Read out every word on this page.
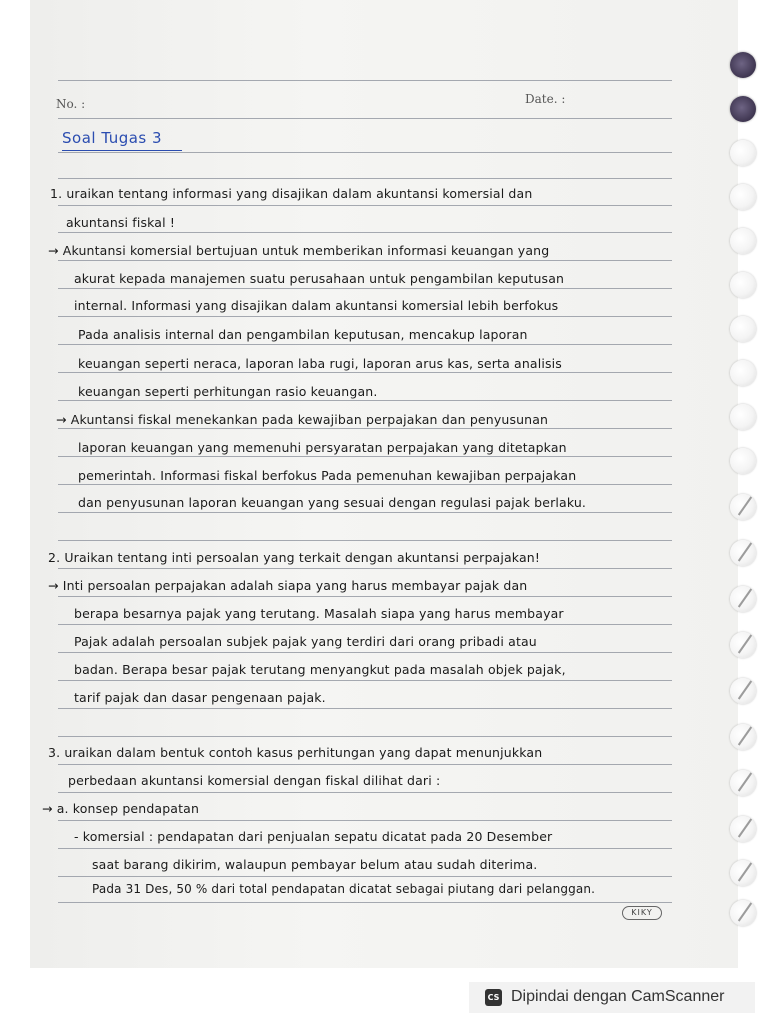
No. :	Date. :
Soal Tugas 3
1. uraikan tentang informasi yang disajikan dalam akuntansi komersial dan
akuntansi fiskal !
→ Akuntansi komersial bertujuan untuk memberikan informasi keuangan yang
akurat kepada manajemen suatu perusahaan untuk pengambilan keputusan
internal. Informasi yang disajikan dalam akuntansi komersial lebih berfokus
Pada analisis internal dan pengambilan keputusan, mencakup laporan
keuangan seperti neraca, laporan laba rugi, laporan arus kas, serta analisis
keuangan seperti perhitungan rasio keuangan.
→ Akuntansi fiskal menekankan pada kewajiban perpajakan dan penyusunan
laporan keuangan yang memenuhi persyaratan perpajakan yang ditetapkan
pemerintah. Informasi fiskal berfokus Pada pemenuhan kewajiban perpajakan
dan penyusunan laporan keuangan yang sesuai dengan regulasi pajak berlaku.
2. Uraikan tentang inti persoalan yang terkait dengan akuntansi perpajakan!
→ Inti persoalan perpajakan adalah siapa yang harus membayar pajak dan
berapa besarnya pajak yang terutang. Masalah siapa yang harus membayar
Pajak adalah persoalan subjek pajak yang terdiri dari orang pribadi atau
badan. Berapa besar pajak terutang menyangkut pada masalah objek pajak,
tarif pajak dan dasar pengenaan pajak.
3. uraikan dalam bentuk contoh kasus perhitungan yang dapat menunjukkan
perbedaan akuntansi komersial dengan fiskal dilihat dari :
→ a. konsep pendapatan
- komersial : pendapatan dari penjualan sepatu dicatat pada 20 Desember
saat barang dikirim, walaupun pembayar belum atau sudah diterima.
Pada 31 Des, 50 % dari total pendapatan dicatat sebagai piutang dari pelanggan.
KIKY
CS Dipindai dengan CamScanner
